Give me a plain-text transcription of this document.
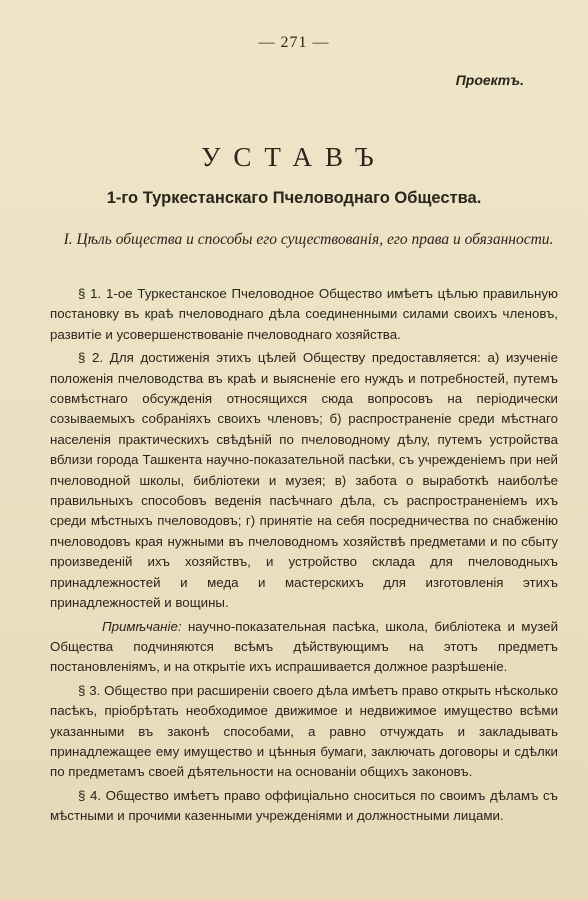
— 271 —
Проектъ.
УСТАВЪ
1-го Туркестанскаго Пчеловоднаго Общества.
I. Цѣль общества и способы его существованія, его права и обязанности.

§ 1. 1-ое Туркестанское Пчеловодное Общество имѣетъ цѣлью правильную постановку въ краѣ пчеловоднаго дѣла соединенными силами своихъ членовъ, развитіе и усовершенствованіе пчеловоднаго хозяйства.

§ 2. Для достиженія этихъ цѣлей Обществу предоставляется: а) изученіе положенія пчеловодства въ краѣ и выясненіе его нуждъ и потребностей, путемъ совмѣстнаго обсужденія относящихся сюда вопросовъ на періодически созываемыхъ собраніяхъ своихъ членовъ; б) распространеніе среди мѣстнаго населенія практическихъ свѣдѣній по пчеловодному дѣлу, путемъ устройства вблизи города Ташкента научно-показательной пасѣки, съ учрежденіемъ при ней пчеловодной школы, библіотеки и музея; в) забота о выработкѣ наиболѣе правильныхъ способовъ веденія пасѣчнаго дѣла, съ распространеніемъ ихъ среди мѣстныхъ пчеловодовъ; г) принятіе на себя посредничества по снабженію пчеловодовъ края нужными въ пчеловодномъ хозяйствѣ предметами и по сбыту произведеній ихъ хозяйствъ, и устройство склада для пчеловодныхъ принадлежностей и меда и мастерскихъ для изготовленія этихъ принадлежностей и вощины.

Примѣчаніе: научно-показательная пасѣка, школа, библіотека и музей Общества подчиняются всѣмъ дѣйствующимъ на этотъ предметъ постановленіямъ, и на открытіе ихъ испрашивается должное разрѣшеніе.

§ 3. Общество при расширеніи своего дѣла имѣетъ право открыть нѣсколько пасѣкъ, пріобрѣтать необходимое движимое и недвижимое имущество всѣми указанными въ законѣ способами, а равно отчуждать и закладывать принадлежащее ему имущество и цѣнныя бумаги, заключать договоры и сдѣлки по предметамъ своей дѣятельности на основаніи общихъ законовъ.

§ 4. Общество имѣетъ право оффиціально сноситься по своимъ дѣламъ съ мѣстными и прочими казенными учрежденіями и должностными лицами.
